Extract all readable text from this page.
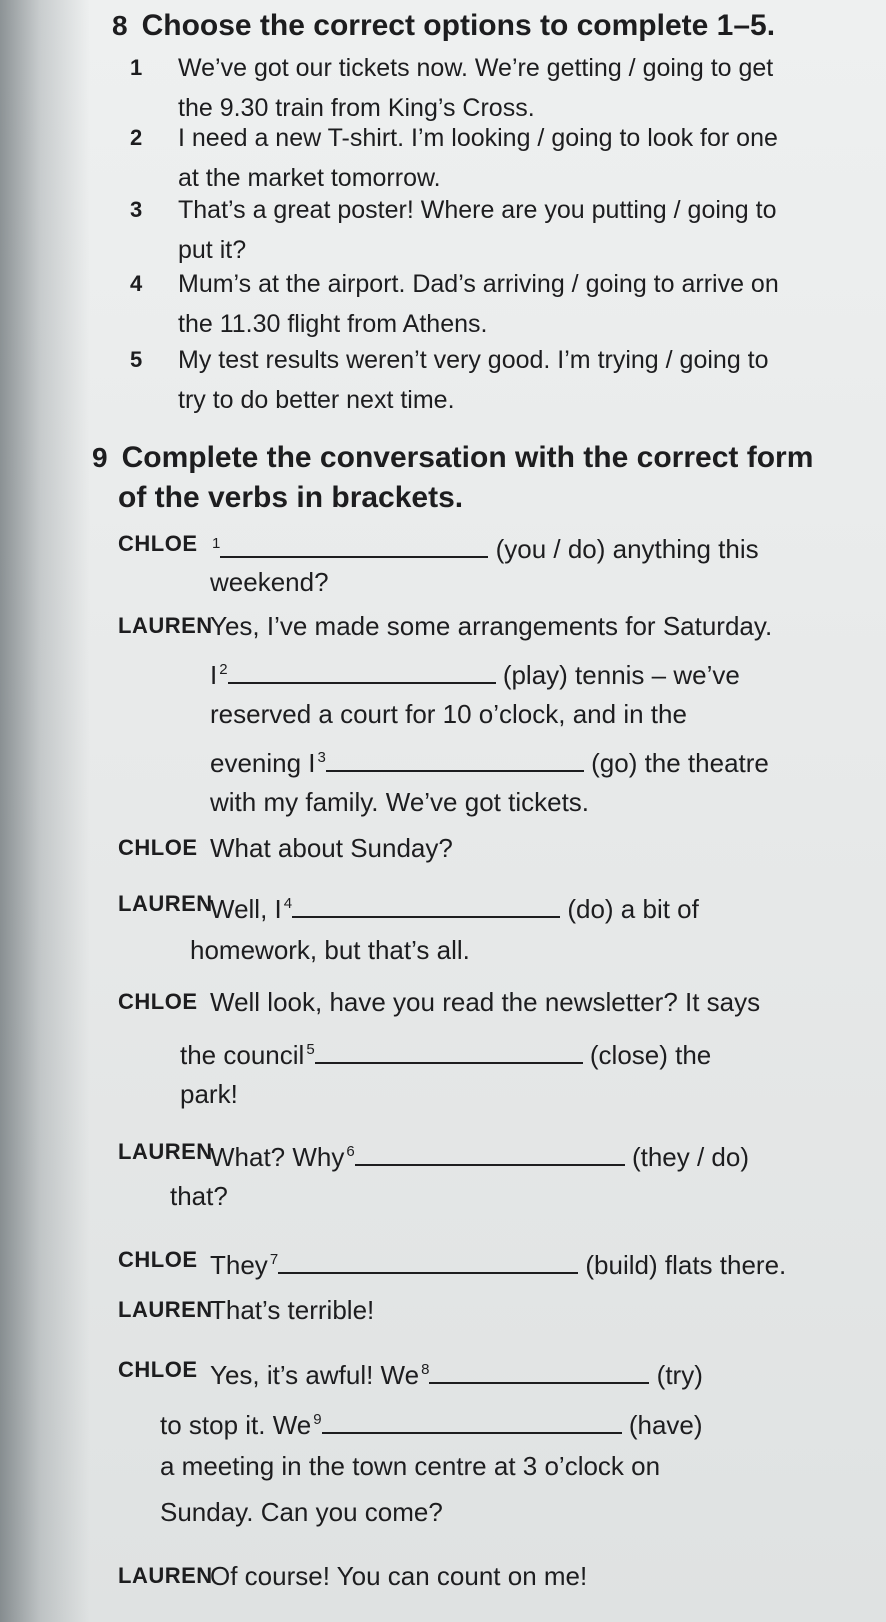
8 Choose the correct options to complete 1–5.
1 We’ve got our tickets now. We’re getting / going to get
the 9.30 train from King’s Cross.
2 I need a new T-shirt. I’m looking / going to look for one
at the market tomorrow.
3 That’s a great poster! Where are you putting / going to
put it?
4 Mum’s at the airport. Dad’s arriving / going to arrive on
the 11.30 flight from Athens.
5 My test results weren’t very good. I’m trying / going to
try to do better next time.
9 Complete the conversation with the correct form
of the verbs in brackets.
CHLOE $^1$	(you / do) anything this
weekend?
LAUREN
Yes, I’ve made some arrangements for Saturday.
I $^2$	(play) tennis – we’ve
reserved a court for 10 o’clock, and in the
evening I $^3$	(go) the theatre
with my family. We’ve got tickets.
CHLOE What about Sunday?
LAUREN
Well, I $^4$	(do) a bit of
homework, but that’s all.
CHLOE Well look, have you read the newsletter? It says
the council $^5$	(close) the
park!
LAUREN
What? Why $^6$	(they / do)
that?
CHLOE They $^7$	(build) flats there.
LAUREN
That’s terrible!
CHLOE Yes, it’s awful! We $^8$	(try)
to stop it. We $^9$	(have)
a meeting in the town centre at 3 o’clock on
Sunday. Can you come?
LAUREN
Of course! You can count on me!
